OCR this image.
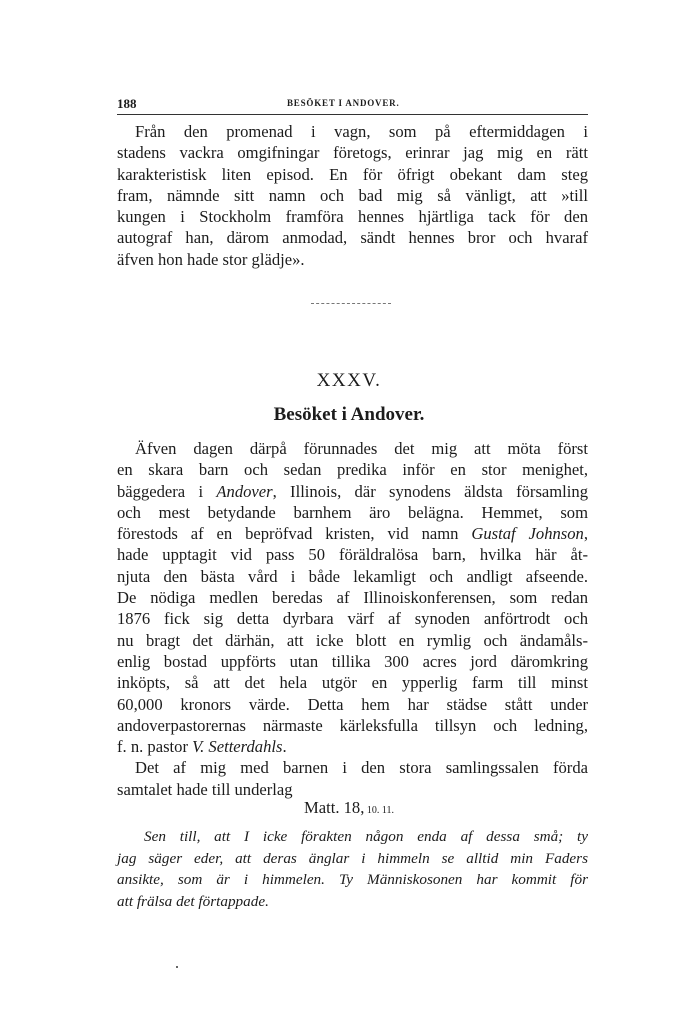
188	BESÖKET I ANDOVER.
Från den promenad i vagn, som på eftermiddagen i
stadens vackra omgifningar företogs, erinrar jag mig en rätt
karakteristisk liten episod. En för öfrigt obekant dam steg
fram, nämnde sitt namn och bad mig så vänligt, att »till
kungen i Stockholm framföra hennes hjärtliga tack för den
autograf han, därom anmodad, sändt hennes bror och hvaraf
äfven hon hade stor glädje».
XXXV.
Besöket i Andover.
Äfven dagen därpå förunnades det mig att möta först
en skara barn och sedan predika inför en stor menighet,
bäggedera i Andover, Illinois, där synodens äldsta församling
och mest betydande barnhem äro belägna. Hemmet, som
förestods af en bepröfvad kristen, vid namn Gustaf Johnson,
hade upptagit vid pass 50 föräldralösa barn, hvilka här åt-
njuta den bästa vård i både lekamligt och andligt afseende.
De nödiga medlen beredas af Illinoiskonferensen, som redan
1876 fick sig detta dyrbara värf af synoden anförtrodt och
nu bragt det därhän, att icke blott en rymlig och ändamåls-
enlig bostad uppförts utan tillika 300 acres jord däromkring
inköpts, så att det hela utgör en ypperlig farm till minst
60,000 kronors värde. Detta hem har städse stått under
andoverpastorernas närmaste kärleksfulla tillsyn och ledning,
f. n. pastor V. Setterdahls.
Det af mig med barnen i den stora samlingssalen förda
samtalet hade till underlag
Matt. 18, 10. 11.
Sen till, att I icke förakten någon enda af dessa små; ty
jag säger eder, att deras änglar i himmeln se alltid min Faders
ansikte, som är i himmelen. Ty Människosonen har kommit för
att frälsa det förtappade.
